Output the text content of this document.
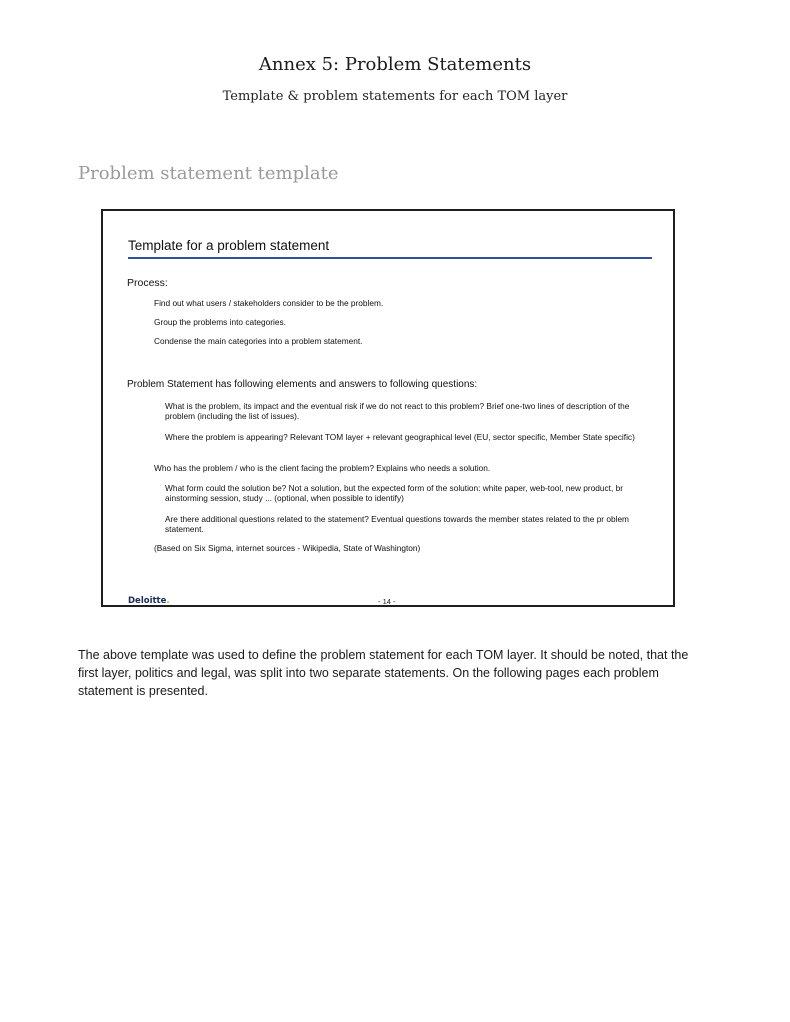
Annex 5: Problem Statements
Template & problem statements for each TOM layer
Problem statement template
Template for a problem statement
Process:
Find out what users / stakeholders consider to be the problem.
Group the problems into categories.
Condense the main categories into a problem statement.
Problem Statement has following elements and answers to following questions:
What is the problem, its impact and the eventual risk if we do not react to this problem? Brief one-two lines of description of the problem (including the list of issues).
Where the problem is appearing? Relevant TOM layer + relevant geographical level (EU, sector specific, Member State specific)
Who has the problem / who is the client facing the problem? Explains who needs a solution.
What form could the solution be? Not a solution, but the expected form of the solution: white paper, web-tool, new product, br ainstorming session, study ... (optional, when possible to identify)
Are there additional questions related to the statement? Eventual questions towards the member states related to the pr oblem statement.
(Based on Six Sigma, internet sources - Wikipedia, State of Washington)
Deloitte.	- 14 -
The above template was used to define the problem statement for each TOM layer. It should be noted, that the first layer, politics and legal, was split into two separate statements. On the following pages each problem statement is presented.
